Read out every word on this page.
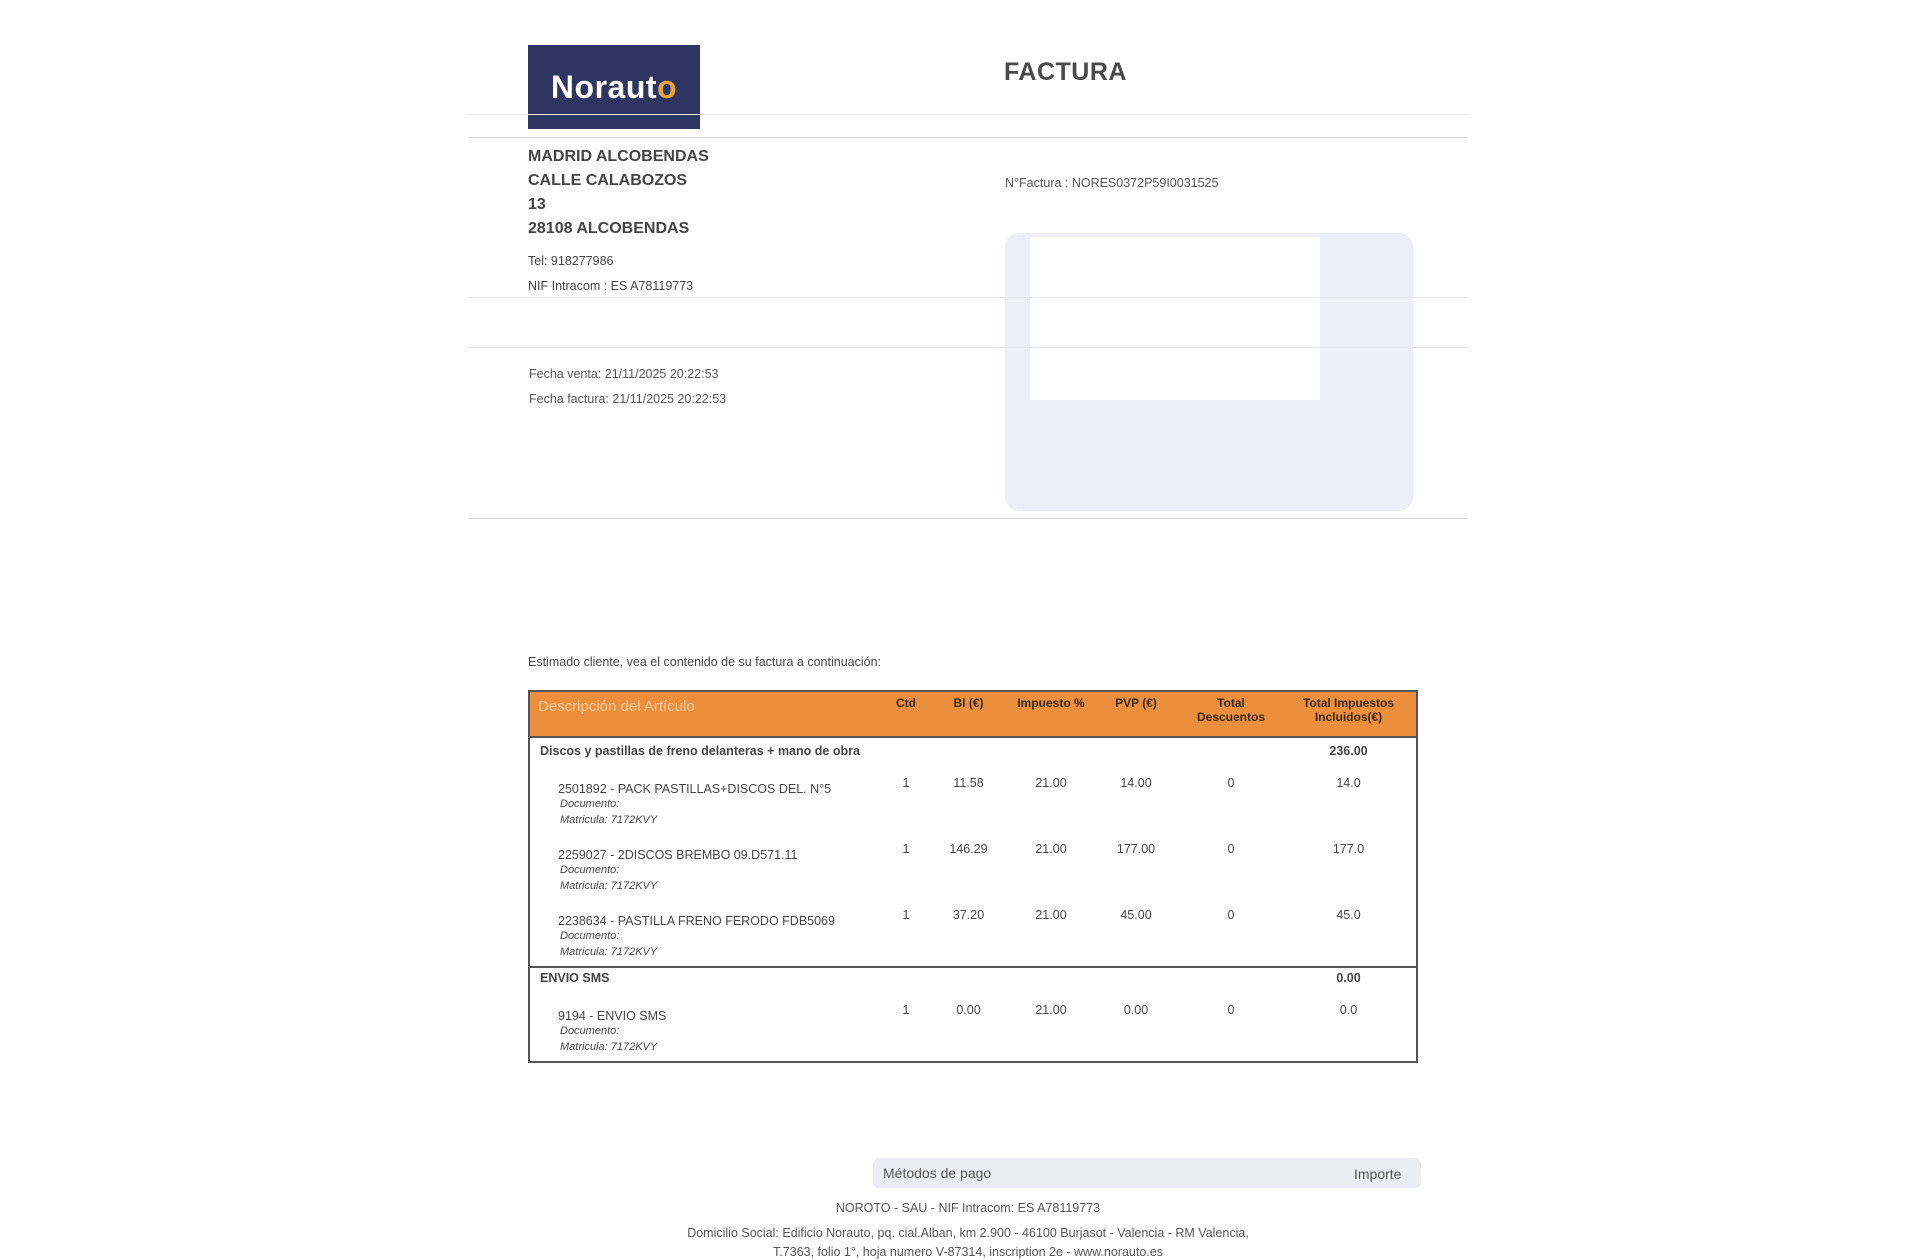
Norauto	FACTURA
MADRID ALCOBENDAS
CALLE CALABOZOS
13
28108 ALCOBENDAS
Tel: 918277986
NIF Intracom : ES A78119773
N°Factura : NORES0372P59I0031525
Fecha venta: 21/11/2025 20:22:53
Fecha factura: 21/11/2025 20:22:53
Estimado cliente, vea el contenido de su factura a continuación:
Descripción del Artículo	Ctd	BI (€)	Impuesto %	PVP (€)	Total Descuentos	Total Impuestos Incluidos(€)
Discos y pastillas de freno delanteras + mano de obra						236.00
2501892 - PACK PASTILLAS+DISCOS DEL. N°5	1	11.58	21.00	14.00	0	14.0
Documento:						
Matricula: 7172KVY						
2259027 - 2DISCOS BREMBO 09.D571.11	1	146.29	21.00	177.00	0	177.0
Documento:						
Matricula: 7172KVY						
2238634 - PASTILLA FRENO FERODO FDB5069	1	37.20	21.00	45.00	0	45.0
Documento:						
Matricula: 7172KVY						
ENVIO SMS						0.00
9194 - ENVIO SMS	1	0.00	21.00	0.00	0	0.0
Documento:						
Matricula: 7172KVY						
Métodos de pago	Importe
NOROTO - SAU - NIF Intracom: ES A78119773
Domicilio Social: Edificio Norauto, pq. cial.Alban, km 2.900 - 46100 Burjasot - Valencia - RM Valencia,
T.7363, folio 1°, hoja numero V-87314, inscription 2e - www.norauto.es
